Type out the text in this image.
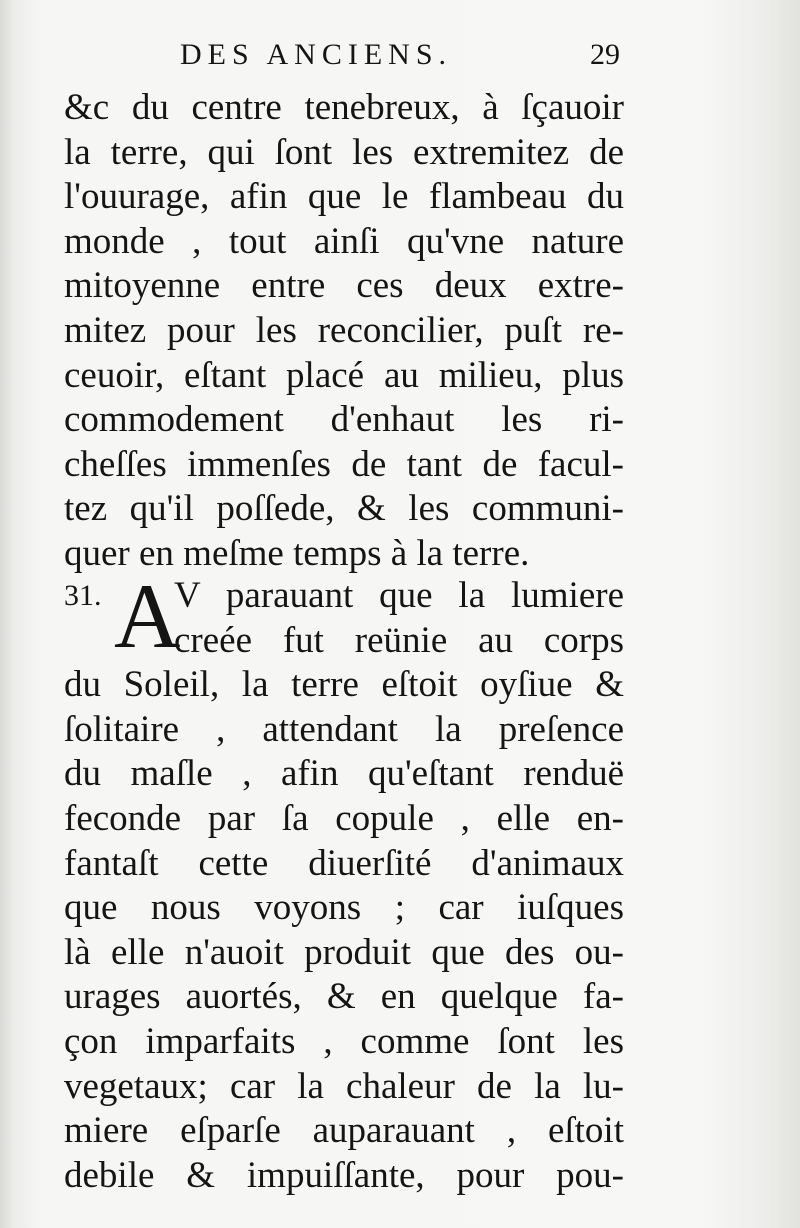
DES ANCIENS.	29
&c du centre tenebreux, à ſçauoir
la terre, qui ſont les extremitez de
l'ouurage, afin que le flambeau du
monde , tout ainſi qu'vne nature
mitoyenne entre ces deux extre-
mitez pour les reconcilier, puſt re-
ceuoir, eſtant placé au milieu, plus
commodement d'enhaut les ri-
cheſſes immenſes de tant de facul-
tez qu'il poſſede, & les communi-
quer en meſme temps à la terre.
31. A
V parauant que la lumiere
creée fut reünie au corps
du Soleil, la terre eſtoit oyſiue &
ſolitaire , attendant la preſence
du maſle , afin qu'eſtant renduë
feconde par ſa copule , elle en-
fantaſt cette diuerſité d'animaux
que nous voyons ; car iuſques
là elle n'auoit produit que des ou-
urages auortés, & en quelque fa-
çon imparfaits , comme ſont les
vegetaux; car la chaleur de la lu-
miere eſparſe auparauant , eſtoit
debile & impuiſſante, pour pou-
